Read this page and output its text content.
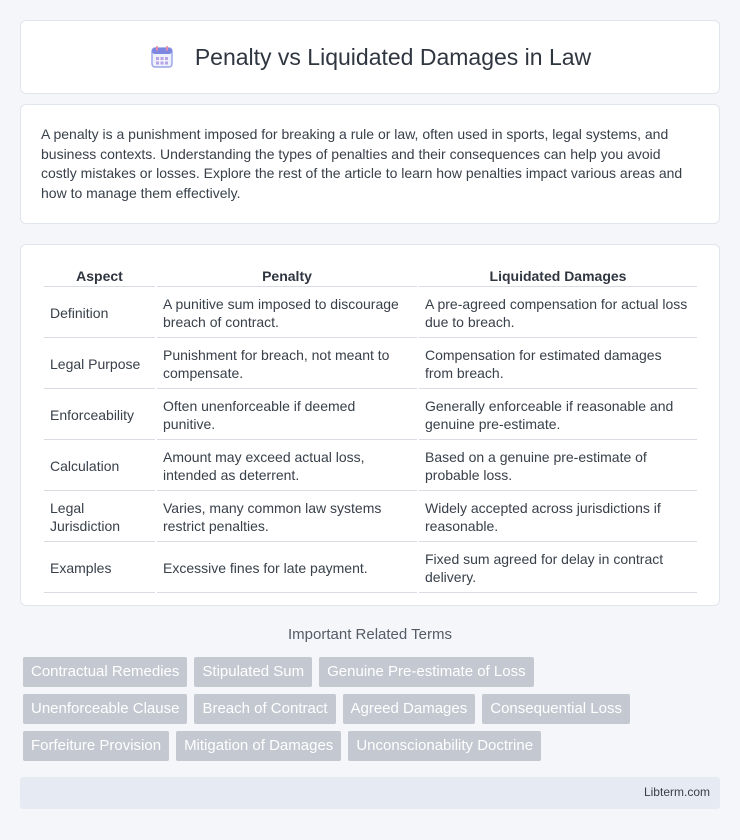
Penalty vs Liquidated Damages in Law

A penalty is a punishment imposed for breaking a rule or law, often used in sports, legal systems, and business contexts. Understanding the types of penalties and their consequences can help you avoid costly mistakes or losses. Explore the rest of the article to learn how penalties impact various areas and how to manage them effectively.

Aspect	Penalty	Liquidated Damages
Definition	A punitive sum imposed to discourage breach of contract.	A pre-agreed compensation for actual loss due to breach.
Legal Purpose	Punishment for breach, not meant to compensate.	Compensation for estimated damages from breach.
Enforceability	Often unenforceable if deemed punitive.	Generally enforceable if reasonable and genuine pre-estimate.
Calculation	Amount may exceed actual loss, intended as deterrent.	Based on a genuine pre-estimate of probable loss.
Legal Jurisdiction	Varies, many common law systems restrict penalties.	Widely accepted across jurisdictions if reasonable.
Examples	Excessive fines for late payment.	Fixed sum agreed for delay in contract delivery.
Important Related Terms
Contractual Remedies	Stipulated Sum	Genuine Pre-estimate of Loss
Unenforceable Clause	Breach of Contract	Agreed Damages	Consequential Loss
Forfeiture Provision	Mitigation of Damages	Unconscionability Doctrine
Libterm.com
